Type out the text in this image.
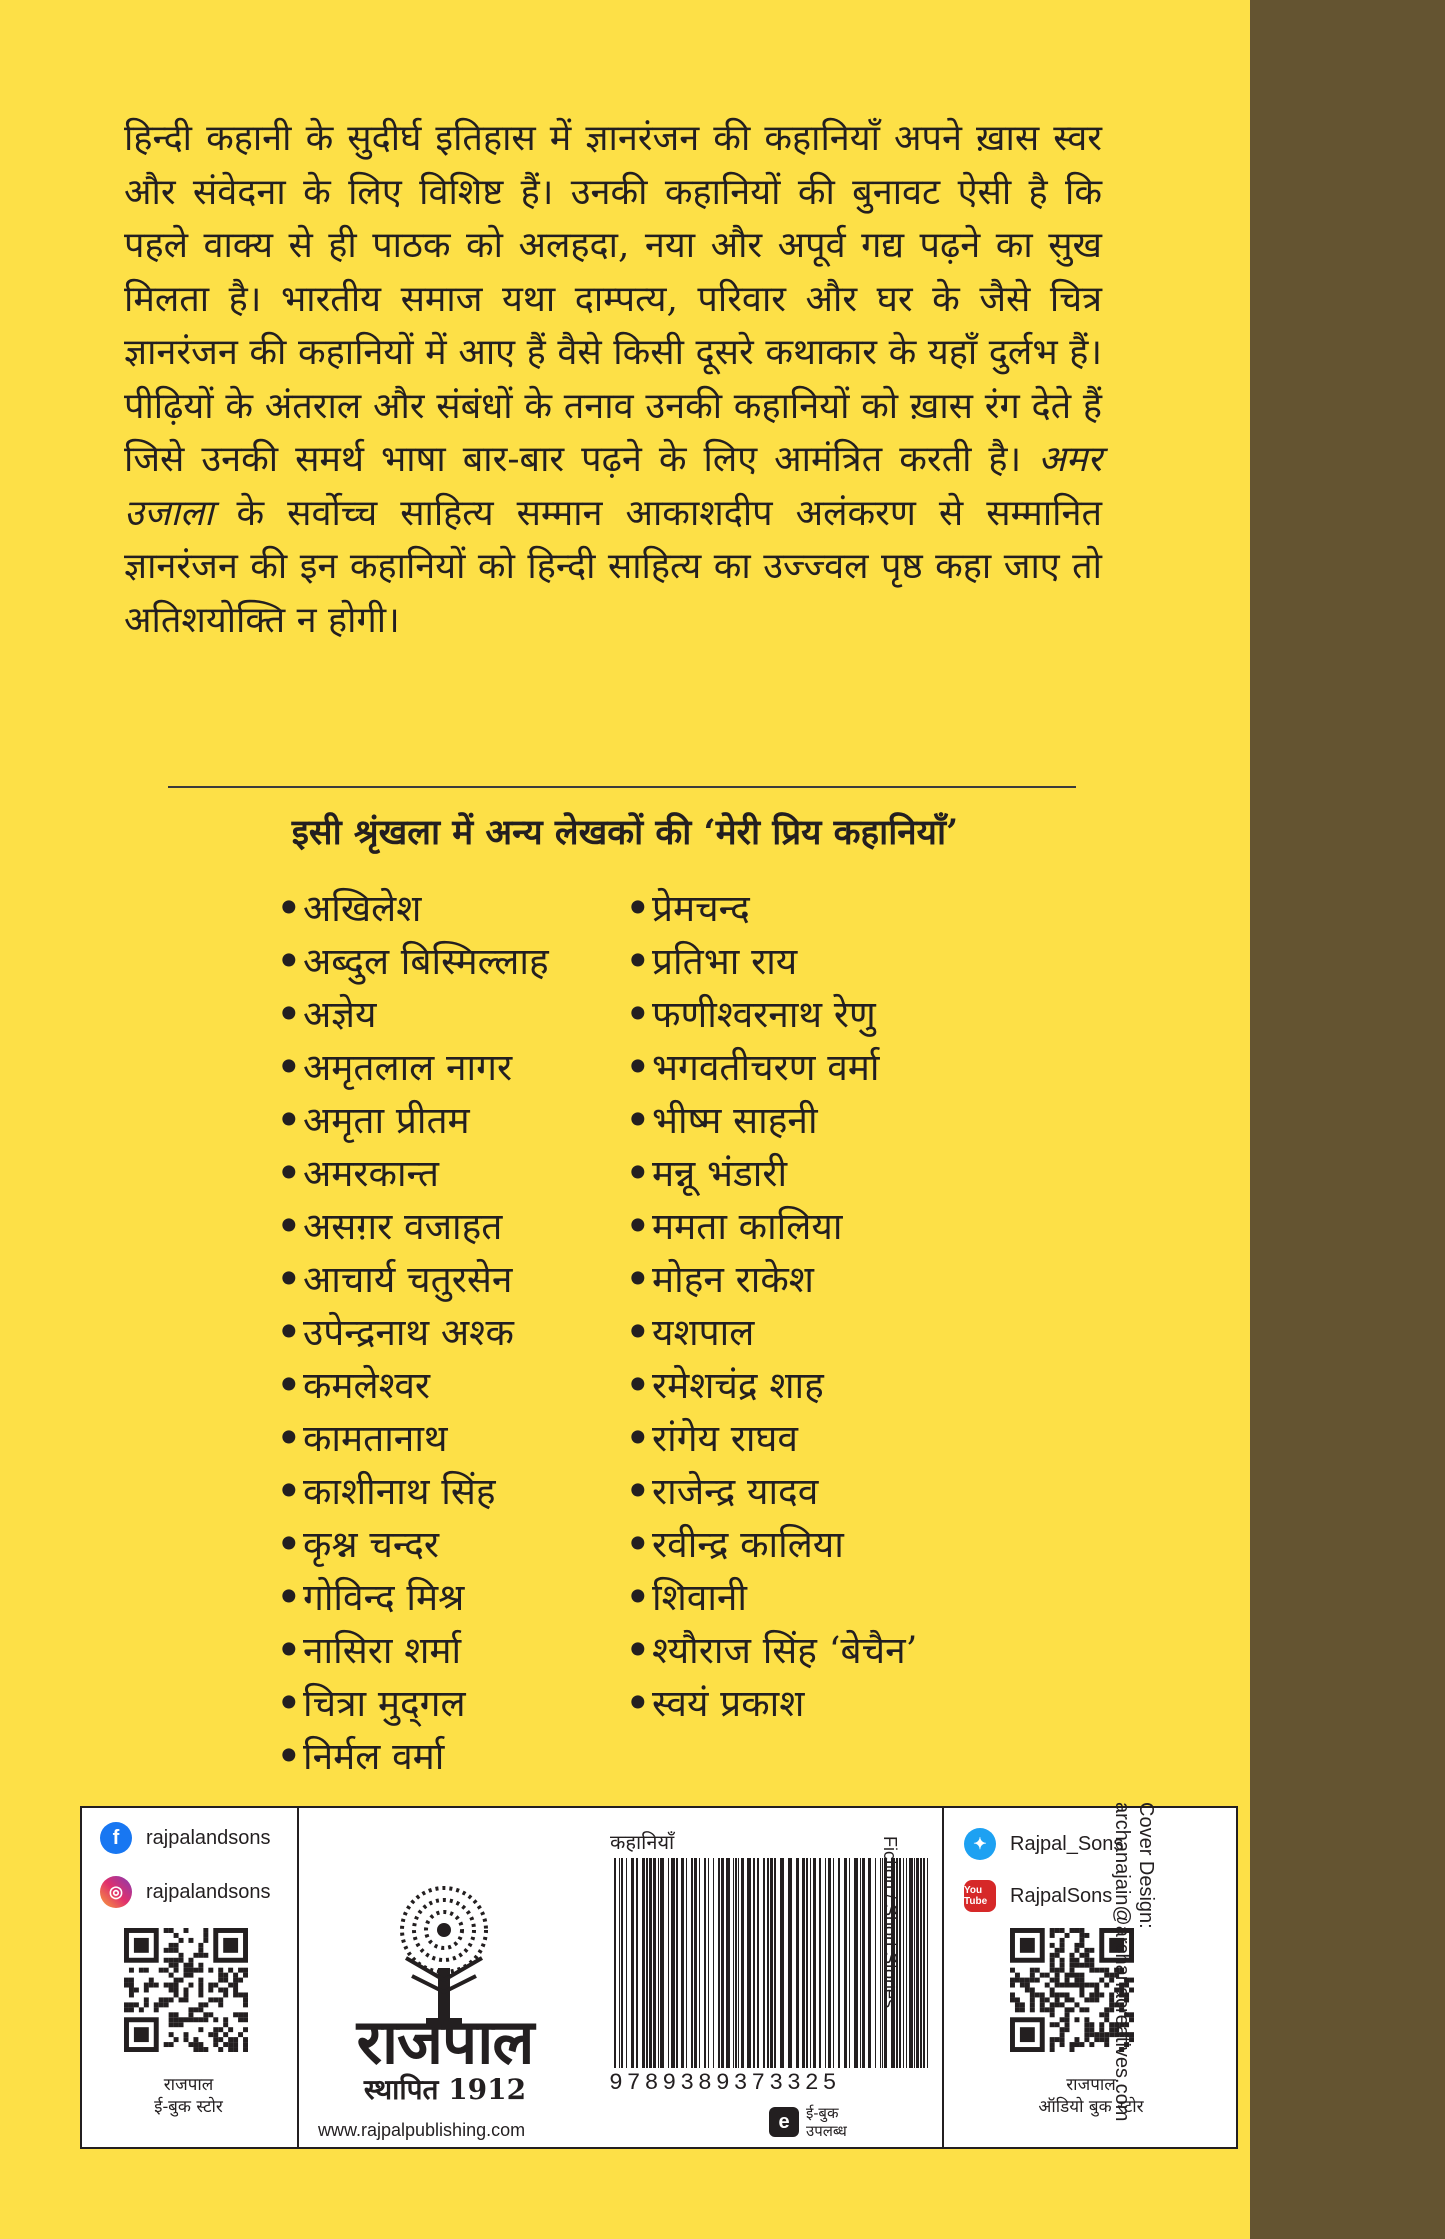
हिन्दी कहानी के सुदीर्घ इतिहास में ज्ञानरंजन की कहानियाँ अपने ख़ास स्वर और संवेदना के लिए विशिष्ट हैं। उनकी कहानियों की बुनावट ऐसी है कि पहले वाक्य से ही पाठक को अलहदा, नया और अपूर्व गद्य पढ़ने का सुख मिलता है। भारतीय समाज यथा दाम्पत्य, परिवार और घर के जैसे चित्र ज्ञानरंजन की कहानियों में आए हैं वैसे किसी दूसरे कथाकार के यहाँ दुर्लभ हैं। पीढ़ियों के अंतराल और संबंधों के तनाव उनकी कहानियों को ख़ास रंग देते हैं जिसे उनकी समर्थ भाषा बार-बार पढ़ने के लिए आमंत्रित करती है। अमर उजाला के सर्वोच्च साहित्य सम्मान आकाशदीप अलंकरण से सम्मानित ज्ञानरंजन की इन कहानियों को हिन्दी साहित्य का उज्ज्वल पृष्ठ कहा जाए तो अतिशयोक्ति न होगी।

इसी श्रृंखला में अन्य लेखकों की ‘मेरी प्रिय कहानियाँ’
•अखिलेश
•अब्दुल बिस्मिल्लाह
•अज्ञेय
•अमृतलाल नागर
•अमृता प्रीतम
•अमरकान्त
•असग़र वजाहत
•आचार्य चतुरसेन
•उपेन्द्रनाथ अश्क
•कमलेश्वर
•कामतानाथ
•काशीनाथ सिंह
•कृश्न चन्दर
•गोविन्द मिश्र
•नासिरा शर्मा
•चित्रा मुद्‌गल
•निर्मल वर्मा
•प्रेमचन्द
•प्रतिभा राय
•फणीश्वरनाथ रेणु
•भगवतीचरण वर्मा
•भीष्म साहनी
•मन्नू भंडारी
•ममता कालिया
•मोहन राकेश
•यशपाल
•रमेशचंद्र शाह
•रांगेय राघव
•राजेन्द्र यादव
•रवीन्द्र कालिया
•शिवानी
•श्यौराज सिंह ‘बेचैन’
•स्वयं प्रकाश
f	rajpalandsons
◎	rajpalandsons
राजपाल
ई-बुक स्टोर
राजपाल
स्थापित 1912
www.rajpalpublishing.com
कहानियाँ
9789389373325
Fiction / Short Stories
e	ई-बुक
उपलब्ध
✦	Rajpal_Sons
You Tube	RajpalSons
राजपाल
ऑडियो बुक स्टोर
Cover Design:
archanajain@archanacreatives.com
